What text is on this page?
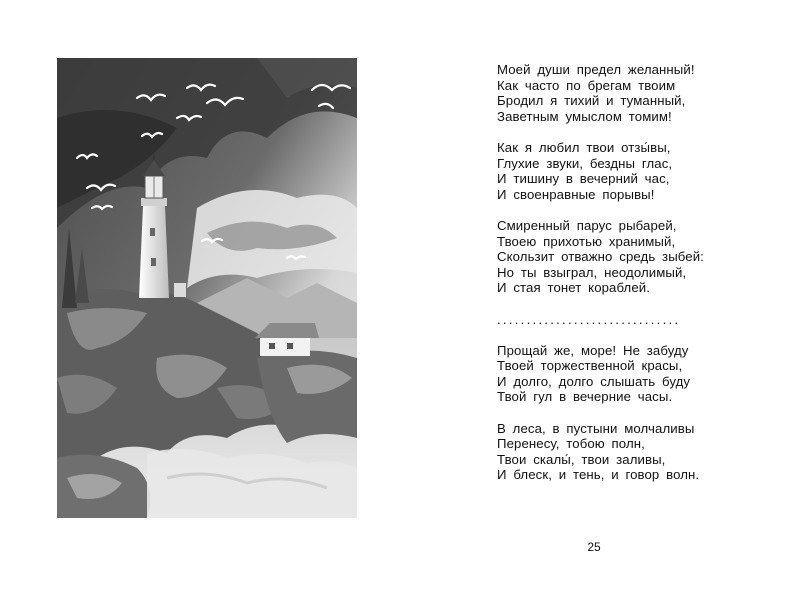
Моей души предел желанный!
Как часто по брегам твоим
Бродил я тихий и туманный,
Заветным умыслом томим!

Как я любил твои отзы́вы,
Глухие звуки, бездны глас,
И тишину в вечерний час,
И своенравные порывы!

Смиренный парус рыбарей,
Твоею прихотью хранимый,
Скользит отважно средь зыбей:
Но ты взыграл, неодолимый,
И стая тонет кораблей.

...............................

Прощай же, море! Не забуду
Твоей торжественной красы,
И долго, долго слышать буду
Твой гул в вечерние часы.

В леса, в пустыни молчаливы
Перенесу, тобою полн,
Твои скалы́, твои заливы,
И блеск, и тень, и говор волн.

25
